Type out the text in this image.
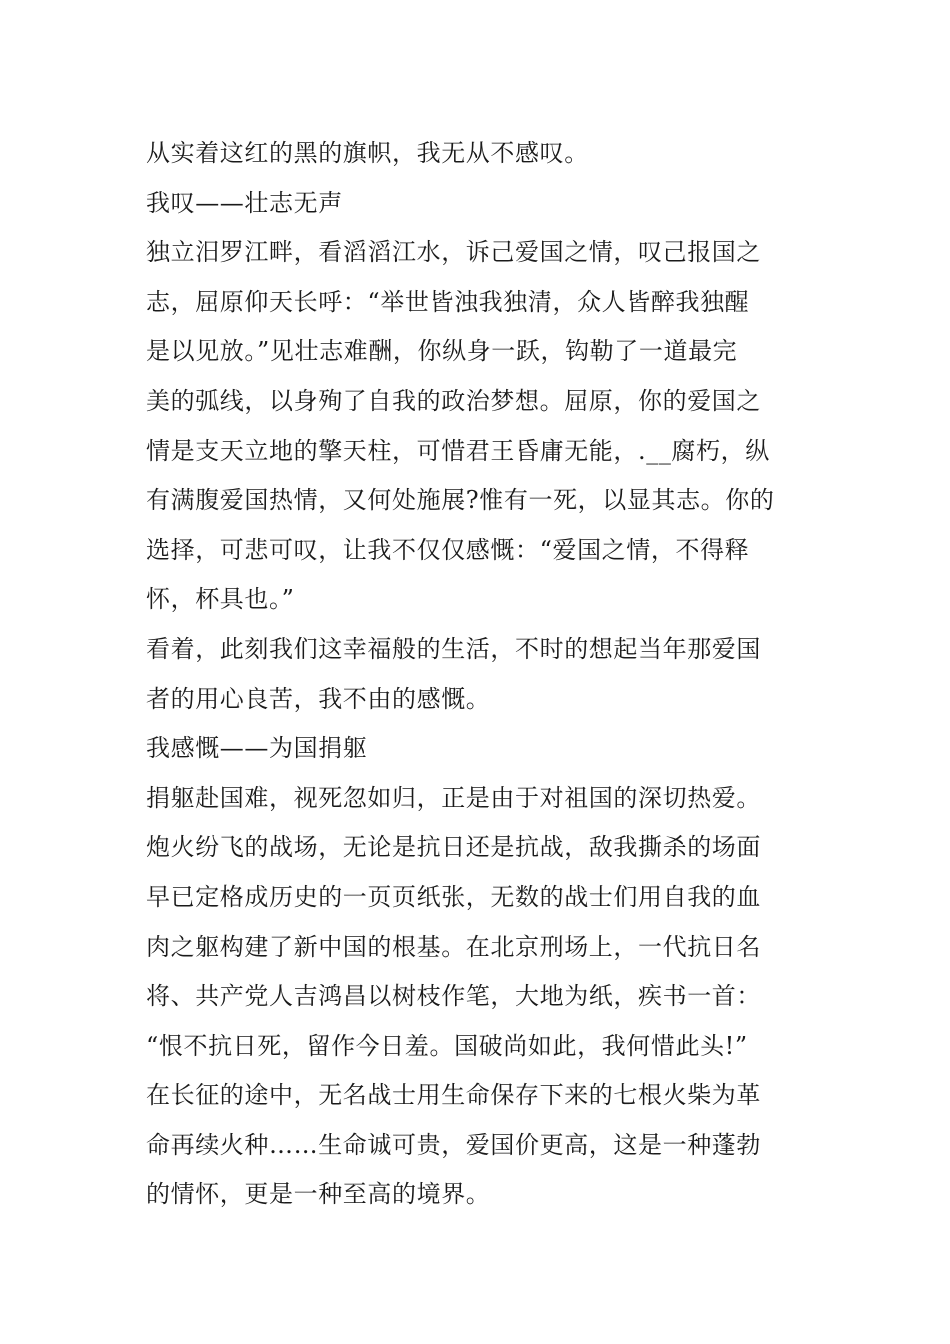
从实着这红的黑的旗帜，我无从不感叹。
我叹——壮志无声
独立汨罗江畔，看滔滔江水，诉己爱国之情，叹己报国之
志，屈原仰天长呼：“举世皆浊我独清，众人皆醉我独醒
是以见放。”见壮志难酬，你纵身一跃，钩勒了一道最完
美的弧线，以身殉了自我的政治梦想。屈原，你的爱国之
情是支天立地的擎天柱，可惜君王昏庸无能，.__腐朽，纵
有满腹爱国热情，又何处施展?惟有一死，以显其志。你的
选择，可悲可叹，让我不仅仅感慨：“爱国之情，不得释
怀，杯具也。”
看着，此刻我们这幸福般的生活，不时的想起当年那爱国
者的用心良苦，我不由的感慨。
我感慨——为国捐躯
捐躯赴国难，视死忽如归，正是由于对祖国的深切热爱。
炮火纷飞的战场，无论是抗日还是抗战，敌我撕杀的场面
早已定格成历史的一页页纸张，无数的战士们用自我的血
肉之躯构建了新中国的根基。在北京刑场上，一代抗日名
将、共产党人吉鸿昌以树枝作笔，大地为纸，疾书一首：
“恨不抗日死，留作今日羞。国破尚如此，我何惜此头!”
在长征的途中，无名战士用生命保存下来的七根火柴为革
命再续火种……生命诚可贵，爱国价更高，这是一种蓬勃
的情怀，更是一种至高的境界。
